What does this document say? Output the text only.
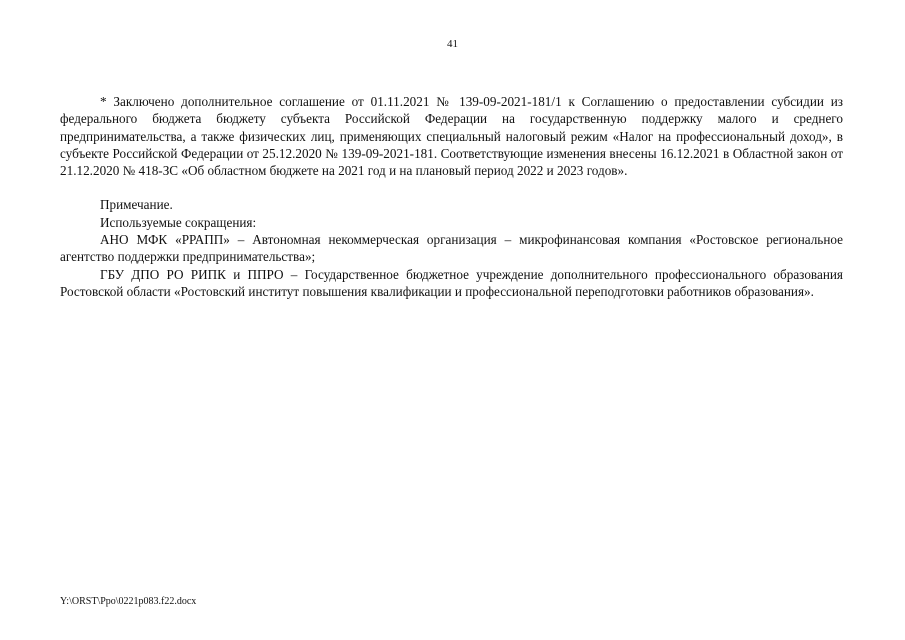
41

* Заключено дополнительное соглашение от 01.11.2021 № 139-09-2021-181/1 к Соглашению о предоставлении субсидии из федерального бюджета бюджету субъекта Российской Федерации на государственную поддержку малого и среднего предпринимательства, а также физических лиц, применяющих специальный налоговый режим «Налог на профессиональный доход», в субъекте Российской Федерации от 25.12.2020 № 139-09-2021-181. Соответствующие изменения внесены 16.12.2021 в Областной закон от 21.12.2020 № 418-ЗС «Об областном бюджете на 2021 год и на плановый период 2022 и 2023 годов».

Примечание.

Используемые сокращения:

АНО МФК «РРАПП» – Автономная некоммерческая организация – микрофинансовая компания «Ростовское региональное агентство поддержки предпринимательства»;

ГБУ ДПО РО РИПК и ППРО – Государственное бюджетное учреждение дополнительного профессионального образования Ростовской области «Ростовский институт повышения квалификации и профессиональной переподготовки работников образования».

Y:\ORST\Ppo\0221p083.f22.docx
